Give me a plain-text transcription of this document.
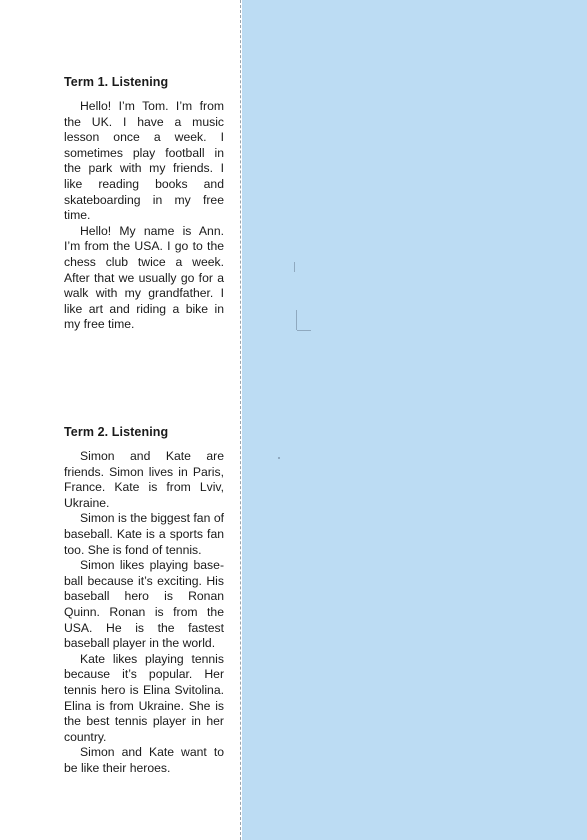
Term 1. Listening

Hello! I’m Tom. I’m from the UK. I have a music lesson once a week. I sometimes play football in the park with my friends. I like reading books and skateboarding in my free time.

Hello! My name is Ann. I’m from the USA. I go to the chess club twice a week. After that we usually go for a walk with my grandfather. I like art and riding a bike in my free time.

Term 2. Listening

Simon and Kate are friends. Simon lives in Paris, France. Kate is from Lviv, Ukraine.

Simon is the biggest fan of baseball. Kate is a sports fan too. She is fond of tennis.

Simon likes playing baseball because it’s exciting. His baseball hero is Ronan Quinn. Ronan is from the USA. He is the fastest baseball player in the world.

Kate likes playing tennis because it’s popular. Her tennis hero is Elina Svitolina. Elina is from Ukraine. She is the best tennis player in her country.

Simon and Kate want to be like their heroes.
